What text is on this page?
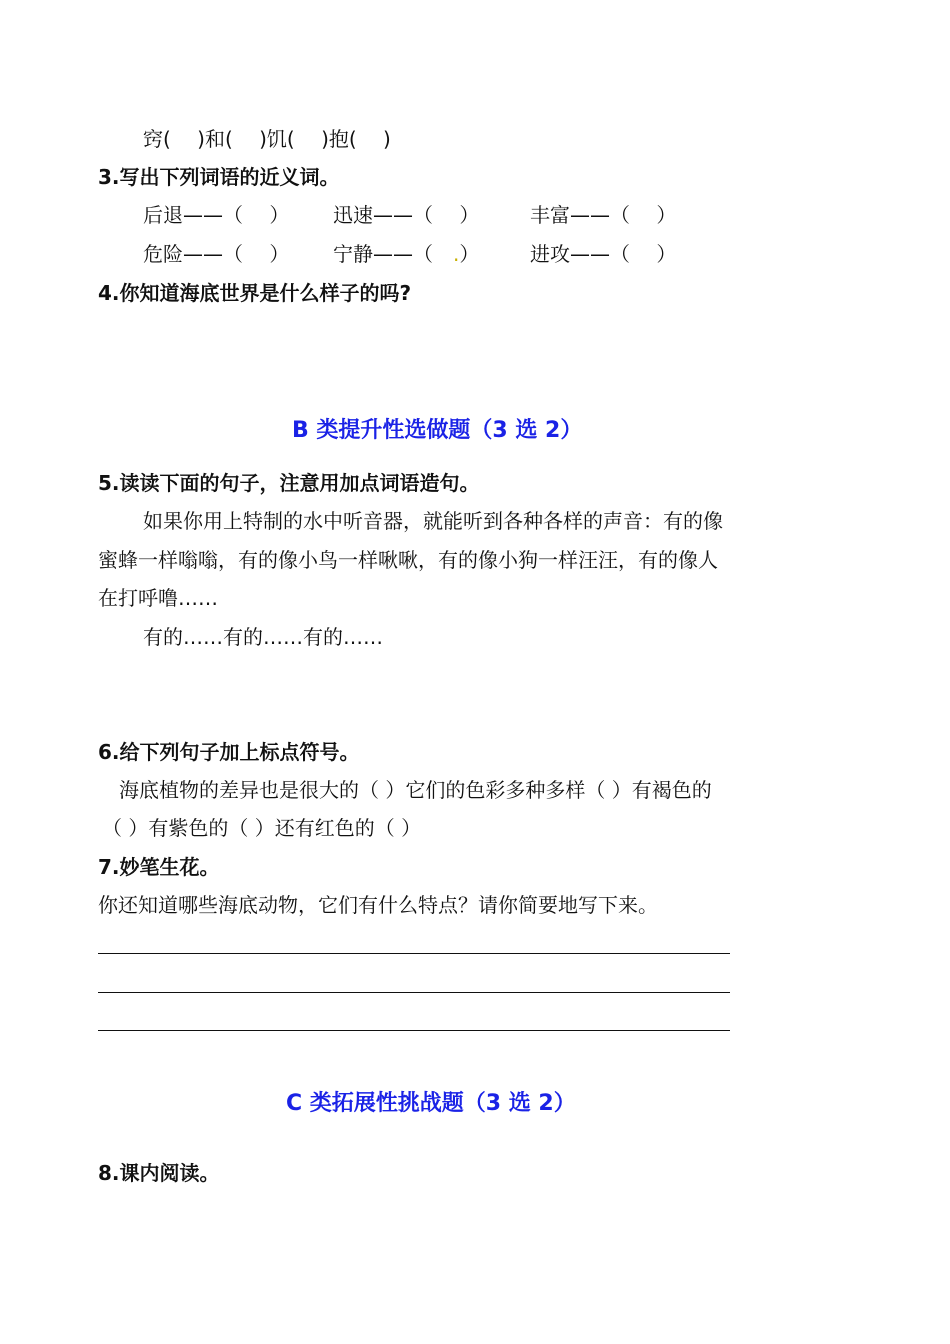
窍(　 )和(　 )饥(　 )抱(　 )
3.写出下列词语的近义词。
后退——（　 ） 迅速——（　 ）	丰富——（　 ）
危险——（　 ） 宁静——（　.）	进攻——（　 ）
4.你知道海底世界是什么样子的吗?
B 类提升性选做题（3 选 2）
5.读读下面的句子，注意用加点词语造句。
如果你用上特制的水中听音器，就能听到各种各样的声音：有的像
蜜蜂一样嗡嗡，有的像小鸟一样啾啾，有的像小狗一样汪汪，有的像人
在打呼噜……
有的……有的……有的……
6.给下列句子加上标点符号。
海底植物的差异也是很大的（ ）它们的色彩多种多样（ ）有褐色的
（ ）有紫色的（ ）还有红色的（ ）
7.妙笔生花。
你还知道哪些海底动物，它们有什么特点？请你简要地写下来。
C 类拓展性挑战题（3 选 2）
8.课内阅读。
